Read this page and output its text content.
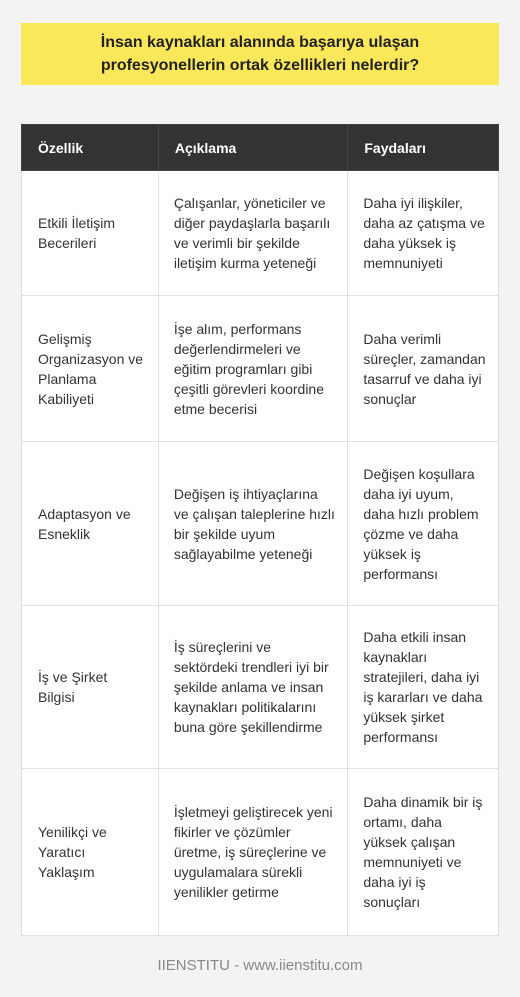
İnsan kaynakları alanında başarıya ulaşan profesyonellerin ortak özellikleri nelerdir?
Özellik	Açıklama	Faydaları
Etkili İletişim Becerileri	Çalışanlar, yöneticiler ve diğer paydaşlarla başarılı ve verimli bir şekilde iletişim kurma yeteneği	Daha iyi ilişkiler, daha az çatışma ve daha yüksek iş memnuniyeti
Gelişmiş Organizasyon ve Planlama Kabiliyeti	İşe alım, performans değerlendirmeleri ve eğitim programları gibi çeşitli görevleri koordine etme becerisi	Daha verimli süreçler, zamandan tasarruf ve daha iyi sonuçlar
Adaptasyon ve Esneklik	Değişen iş ihtiyaçlarına ve çalışan taleplerine hızlı bir şekilde uyum sağlayabilme yeteneği	Değişen koşullara daha iyi uyum, daha hızlı problem çözme ve daha yüksek iş performansı
İş ve Şirket Bilgisi	İş süreçlerini ve sektördeki trendleri iyi bir şekilde anlama ve insan kaynakları politikalarını buna göre şekillendirme	Daha etkili insan kaynakları stratejileri, daha iyi iş kararları ve daha yüksek şirket performansı
Yenilikçi ve Yaratıcı Yaklaşım	İşletmeyi geliştirecek yeni fikirler ve çözümler üretme, iş süreçlerine ve uygulamalara sürekli yenilikler getirme	Daha dinamik bir iş ortamı, daha yüksek çalışan memnuniyeti ve daha iyi iş sonuçları
IIENSTITU - www.iienstitu.com
